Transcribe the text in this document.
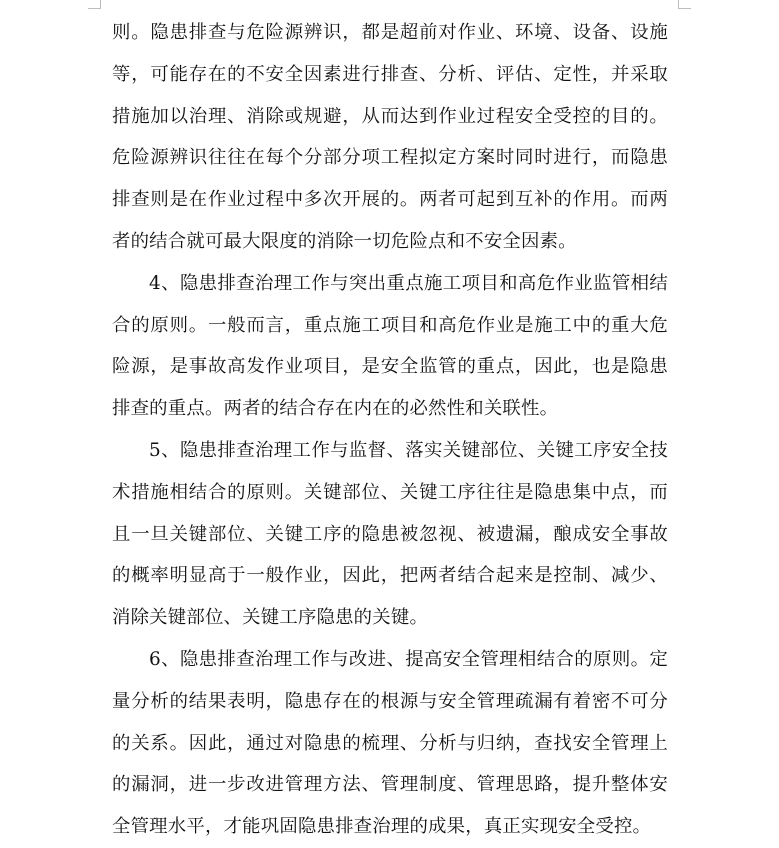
则。隐患排查与危险源辨识，都是超前对作业、环境、设备、设施等，可能存在的不安全因素进行排查、分析、评估、定性，并采取措施加以治理、消除或规避，从而达到作业过程安全受控的目的。危险源辨识往往在每个分部分项工程拟定方案时同时进行，而隐患排查则是在作业过程中多次开展的。两者可起到互补的作用。而两者的结合就可最大限度的消除一切危险点和不安全因素。

4、隐患排查治理工作与突出重点施工项目和高危作业监管相结合的原则。一般而言，重点施工项目和高危作业是施工中的重大危险源，是事故高发作业项目，是安全监管的重点，因此，也是隐患排查的重点。两者的结合存在内在的必然性和关联性。

5、隐患排查治理工作与监督、落实关键部位、关键工序安全技术措施相结合的原则。关键部位、关键工序往往是隐患集中点，而且一旦关键部位、关键工序的隐患被忽视、被遗漏，酿成安全事故的概率明显高于一般作业，因此，把两者结合起来是控制、减少、消除关键部位、关键工序隐患的关键。

6、隐患排查治理工作与改进、提高安全管理相结合的原则。定量分析的结果表明，隐患存在的根源与安全管理疏漏有着密不可分的关系。因此，通过对隐患的梳理、分析与归纳，查找安全管理上的漏洞，进一步改进管理方法、管理制度、管理思路，提升整体安全管理水平，才能巩固隐患排查治理的成果，真正实现安全受控。
